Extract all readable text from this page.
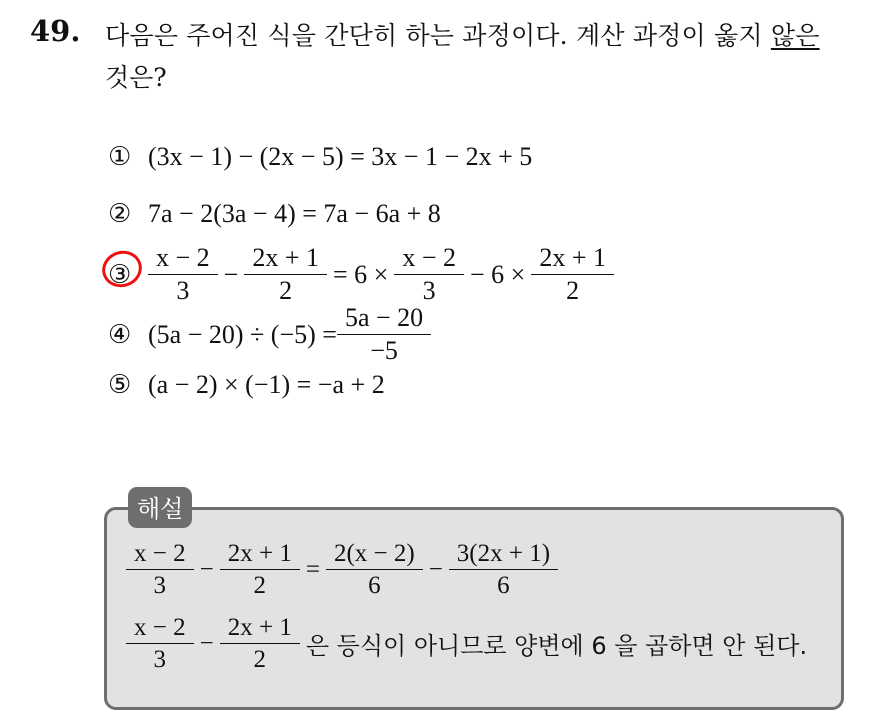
49. 다음은 주어진 식을 간단히 하는 과정이다. 계산 과정이 옳지 않은
것은?
① (3x − 1) − (2x − 5) = 3x − 1 − 2x + 5
② 7a − 2(3a − 4) = 7a − 6a + 8
③ $\frac{x - 2}{3} - \frac{2x + 1}{2} = 6 \times \frac{x - 2}{3} - 6 \times \frac{2x + 1}{2}$
④ $(5a - 20) \div (-5) = \frac{5a - 20}{-5}$
⑤ (a − 2) × (−1) = −a + 2
해설
$\frac{x - 2}{3} - \frac{2x + 1}{2} = \frac{2(x - 2)}{6} - \frac{3(2x + 1)}{6}$
$\frac{x - 2}{3} - \frac{2x + 1}{2}$ 은 등식이 아니므로 양변에 6 을 곱하면 안 된다.
